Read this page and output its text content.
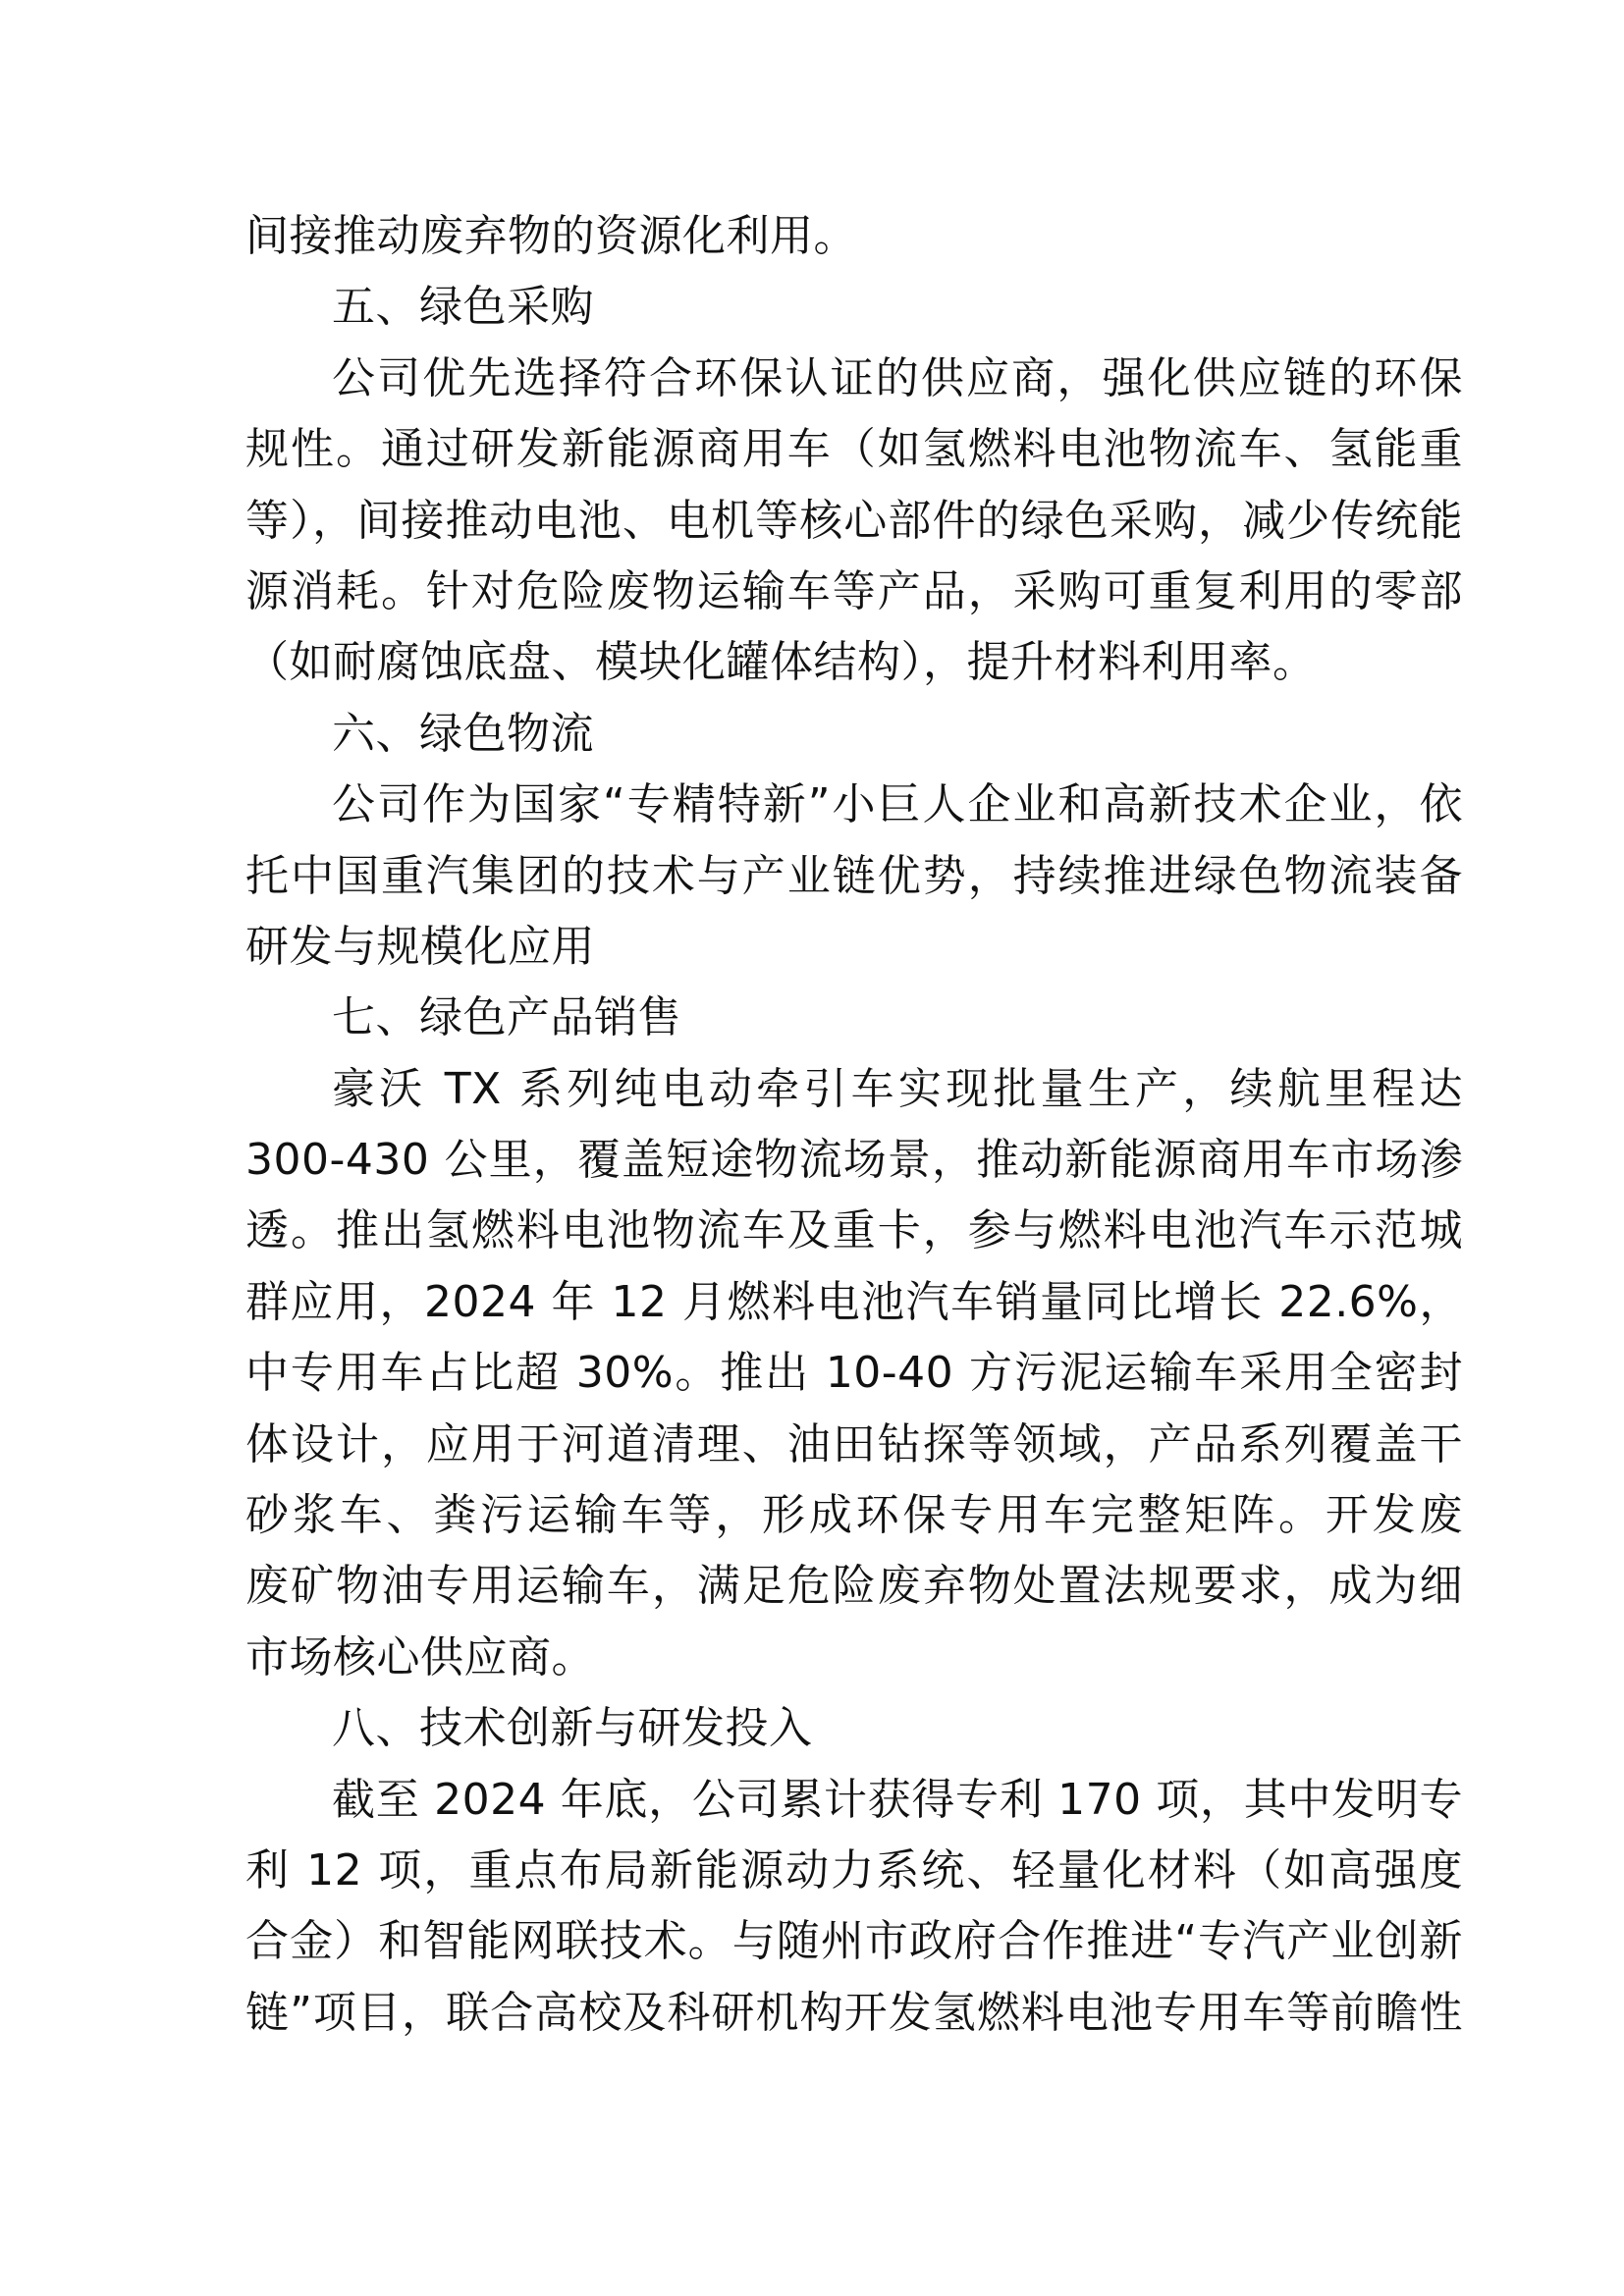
间接推动废弃物的资源化利用。
五、绿色采购
公司优先选择符合环保认证的供应商，强化供应链的环保
规性。通过研发新能源商用车（如氢燃料电池物流车、氢能重
等），间接推动电池、电机等核心部件的绿色采购，减少传统能
源消耗。针对危险废物运输车等产品，采购可重复利用的零部
（如耐腐蚀底盘、模块化罐体结构），提升材料利用率。
六、绿色物流
公司作为国家“专精特新”小巨人企业和高新技术企业，依
托中国重汽集团的技术与产业链优势，持续推进绿色物流装备
研发与规模化应用
七、绿色产品销售
豪沃 TX 系列纯电动牵引车实现批量生产，续航里程达
300-430 公里，覆盖短途物流场景，推动新能源商用车市场渗
透。推出氢燃料电池物流车及重卡，参与燃料电池汽车示范城
群应用，2024 年 12 月燃料电池汽车销量同比增长 22.6%，
中专用车占比超 30%。推出 10-40 方污泥运输车采用全密封
体设计，应用于河道清理、油田钻探等领域，产品系列覆盖干
砂浆车、粪污运输车等，形成环保专用车完整矩阵。开发废
废矿物油专用运输车，满足危险废弃物处置法规要求，成为细
市场核心供应商。
八、技术创新与研发投入
截至 2024 年底，公司累计获得专利 170 项，其中发明专
利 12 项，重点布局新能源动力系统、轻量化材料（如高强度
合金）和智能网联技术。与随州市政府合作推进“专汽产业创新
链”项目，联合高校及科研机构开发氢燃料电池专用车等前瞻性
